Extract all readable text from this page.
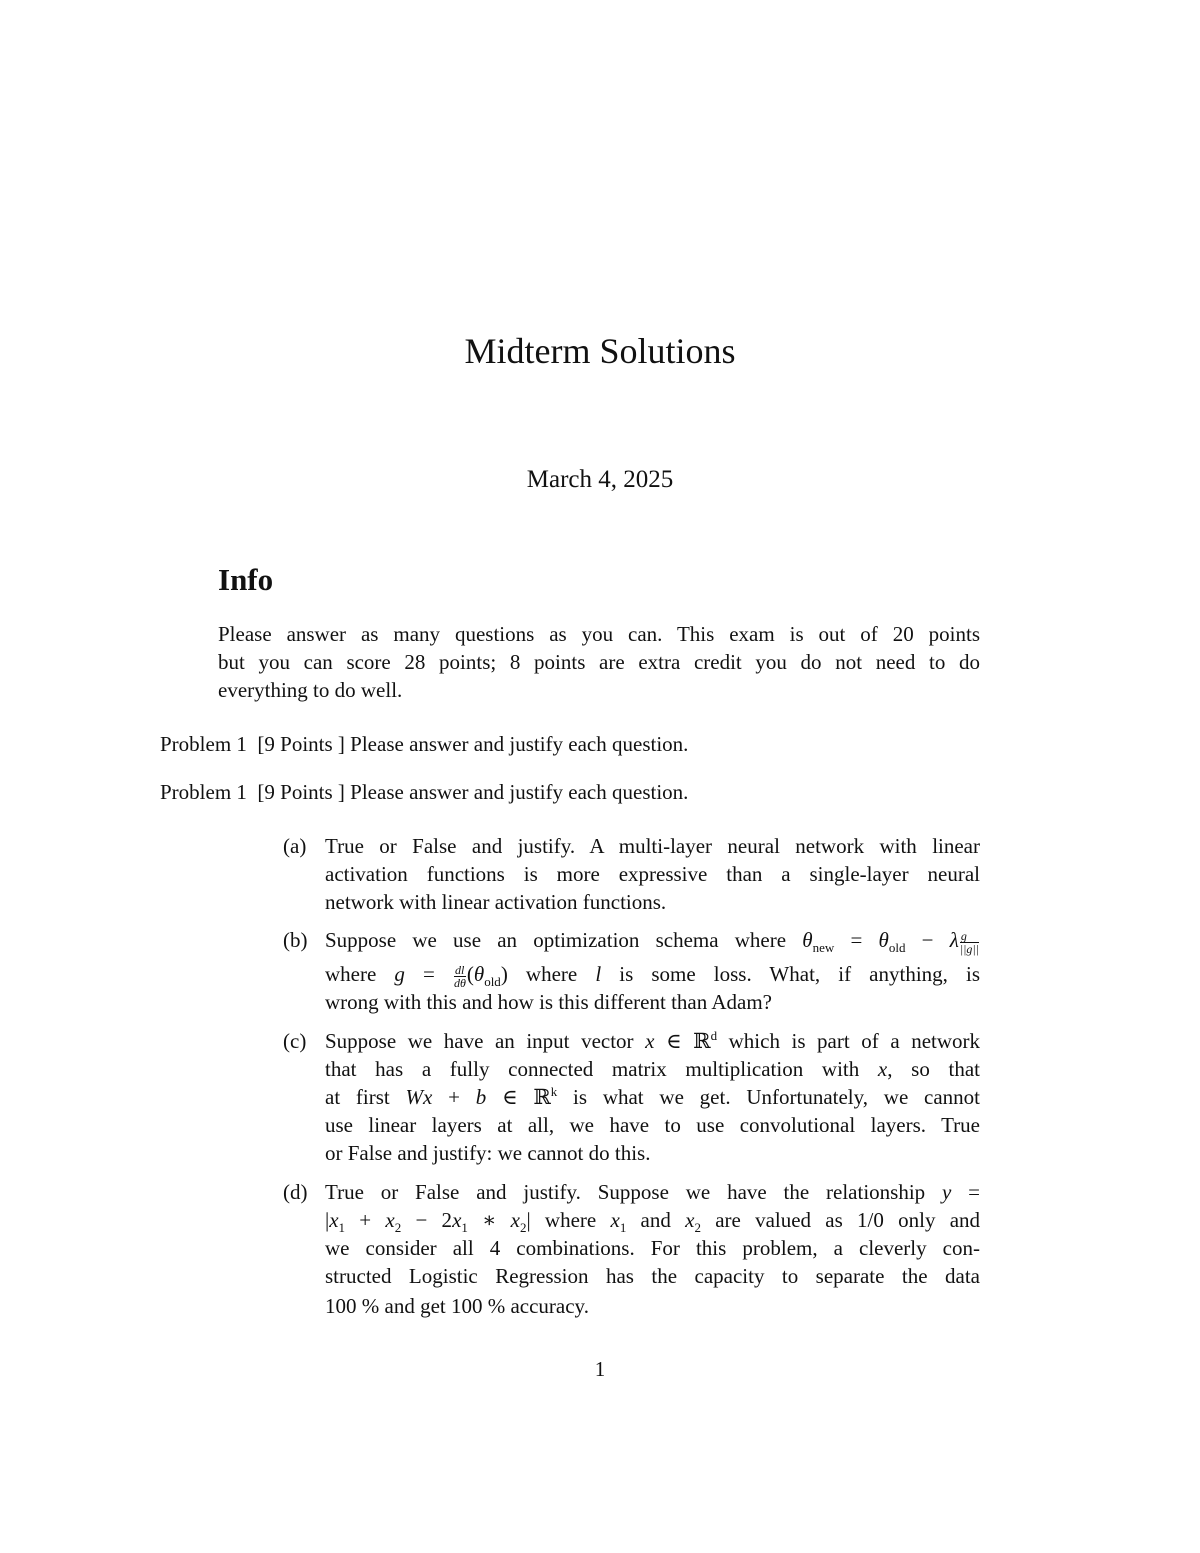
Midterm Solutions
March 4, 2025
Info
Please answer as many questions as you can. This exam is out of 20 points
but you can score 28 points; 8 points are extra credit you do not need to do
everything to do well.
Problem 1  [9 Points ] Please answer and justify each question.
Problem 1  [9 Points ] Please answer and justify each question.
(a) True or False and justify. A multi-layer neural network with linear
activation functions is more expressive than a single-layer neural
network with linear activation functions.
(b) Suppose we use an optimization schema where $\theta_{new} = \theta_{old} - \lambda \frac{g}{||g||}$
where $g = \frac{dl}{d\theta} (\theta_{old})$ where l is some loss. What, if anything, is
wrong with this and how is this different than Adam?
(c) Suppose we have an input vector x ∈ ℝ$^d$ which is part of a network
that has a fully connected matrix multiplication with x, so that
at first Wx + b ∈ ℝ$^k$ is what we get. Unfortunately, we cannot
use linear layers at all, we have to use convolutional layers. True
or False and justify: we cannot do this.
(d) True or False and justify. Suppose we have the relationship y =
$|x_1 + x_2 - 2x_1$ ∗ $x_2|$ where $x_1$ and $x_2$ are valued as 1/0 only and
we consider all 4 combinations. For this problem, a cleverly con-
structed Logistic Regression has the capacity to separate the data
100 % and get 100 % accuracy.
1
